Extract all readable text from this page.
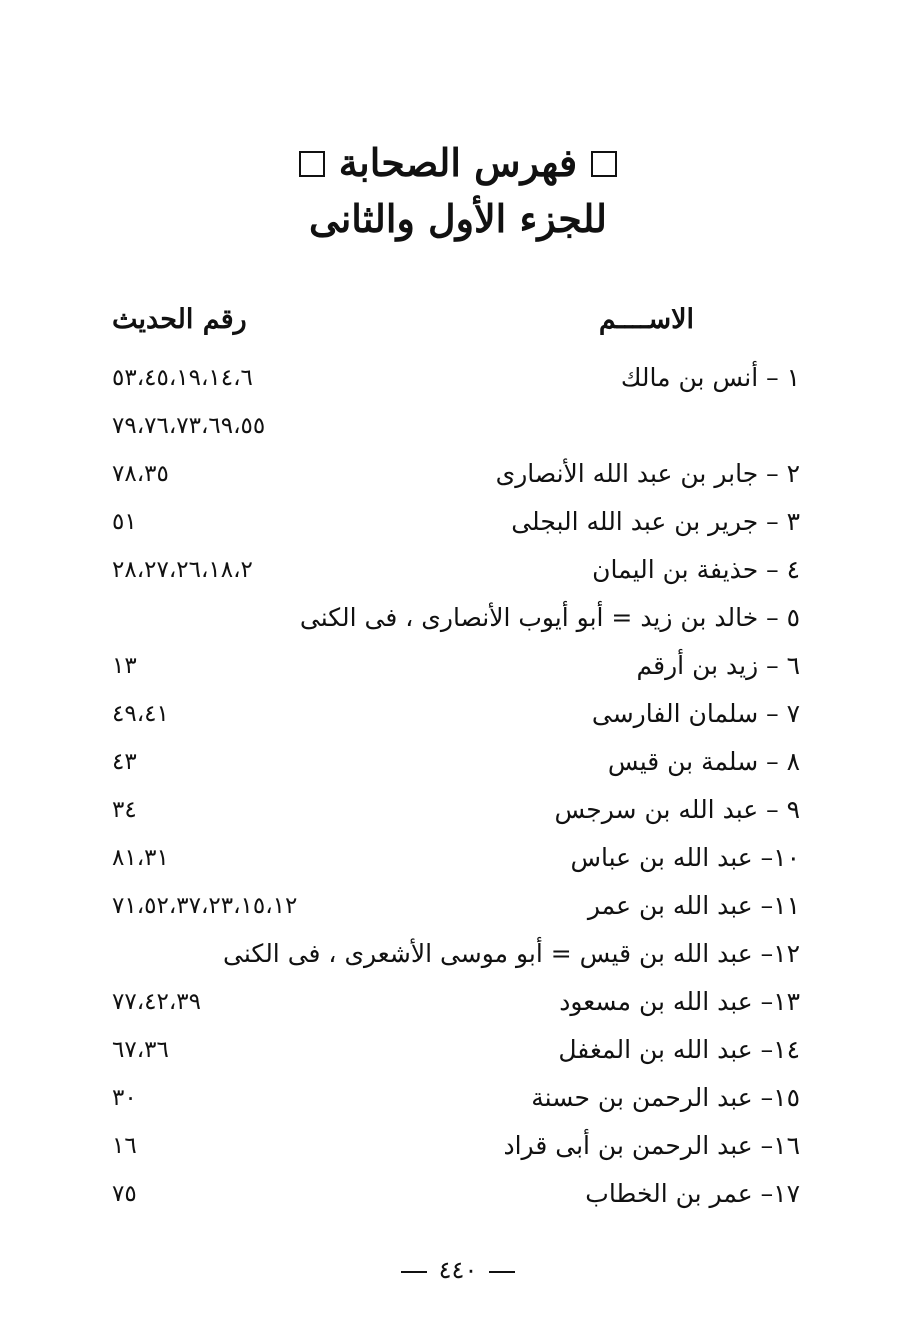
فهرس الصحابة
للجزء الأول والثانى
الاســــم
رقم الحديث
١ – أنس بن مالك
٥٣،٤٥،١٩،١٤،٦
٧٩،٧٦،٧٣،٦٩،٥٥
٢ – جابر بن عبد الله الأنصارى
٧٨،٣٥
٣ – جرير بن عبد الله البجلى
٥١
٤ – حذيفة بن اليمان
٢٨،٢٧،٢٦،١٨،٢
٥ – خالد بن زيد = أبو أيوب الأنصارى ، فى الكنى
٦ – زيد بن أرقم
١٣
٧ – سلمان الفارسى
٤٩،٤١
٨ – سلمة بن قيس
٤٣
٩ – عبد الله بن سرجس
٣٤
١٠– عبد الله بن عباس
٨١،٣١
١١– عبد الله بن عمر
٧١،٥٢،٣٧،٢٣،١٥،١٢
١٢– عبد الله بن قيس = أبو موسى الأشعرى ، فى الكنى
١٣– عبد الله بن مسعود
٧٧،٤٢،٣٩
١٤– عبد الله بن المغفل
٦٧،٣٦
١٥– عبد الرحمن بن حسنة
٣٠
١٦– عبد الرحمن بن أبى قراد
١٦
١٧– عمر بن الخطاب
٧٥
٤٤٠
